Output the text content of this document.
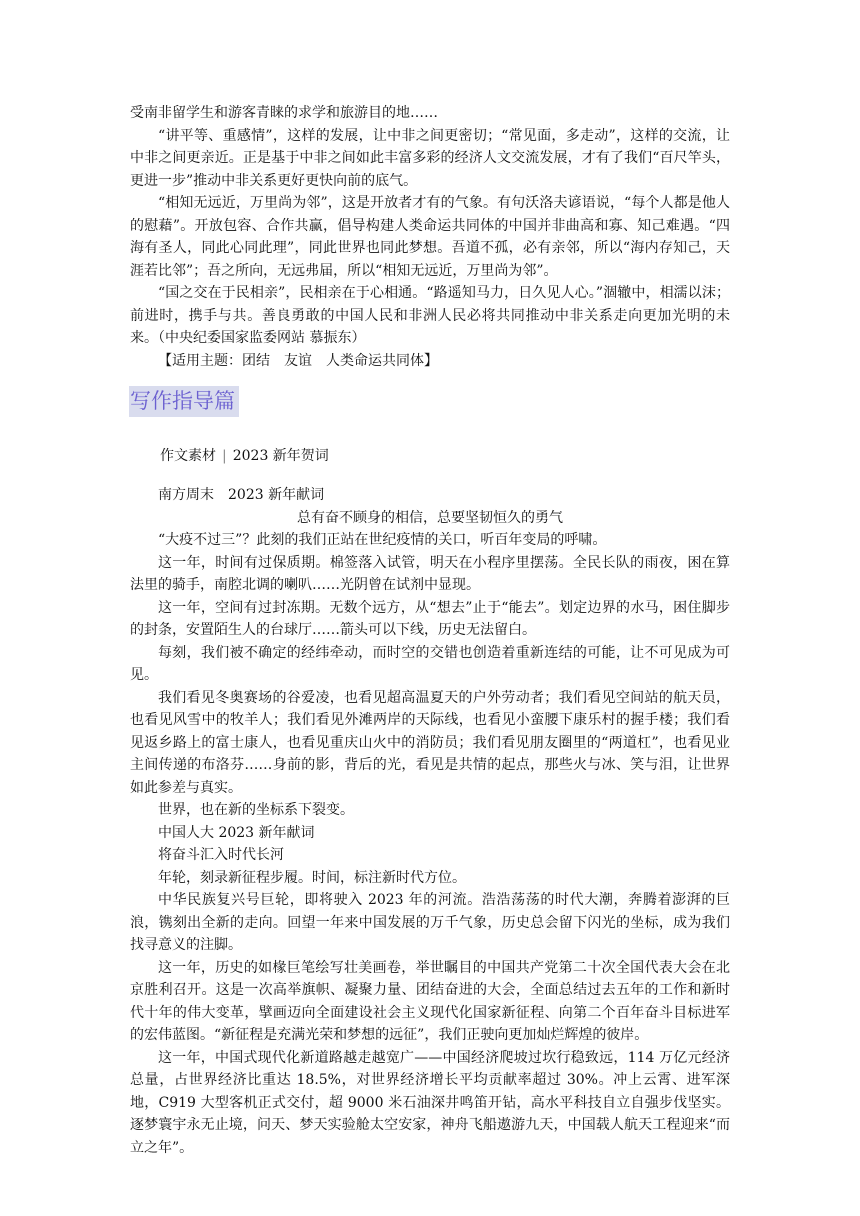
受南非留学生和游客青睐的求学和旅游目的地……

“讲平等、重感情”，这样的发展，让中非之间更密切；“常见面，多走动”，这样的交流，让中非之间更亲近。正是基于中非之间如此丰富多彩的经济人文交流发展，才有了我们“百尺竿头，更进一步”推动中非关系更好更快向前的底气。

“相知无远近，万里尚为邻”，这是开放者才有的气象。有句沃洛夫谚语说，“每个人都是他人的慰藉”。开放包容、合作共赢，倡导构建人类命运共同体的中国并非曲高和寡、知己难遇。“四海有圣人，同此心同此理”，同此世界也同此梦想。吾道不孤，必有亲邻，所以“海内存知己，天涯若比邻”；吾之所向，无远弗届，所以“相知无远近，万里尚为邻”。

“国之交在于民相亲”，民相亲在于心相通。“路遥知马力，日久见人心。”涸辙中，相濡以沫；前进时，携手与共。善良勇敢的中国人民和非洲人民必将共同推动中非关系走向更加光明的未来。（中央纪委国家监委网站 慕振东）

【适用主题：团结　友谊　人类命运共同体】

写作指导篇
作文素材 | 2023 新年贺词

南方周末　2023 新年献词

总有奋不顾身的相信，总要坚韧恒久的勇气

“大疫不过三”？此刻的我们正站在世纪疫情的关口，听百年变局的呼啸。

这一年，时间有过保质期。棉签落入试管，明天在小程序里摆荡。全民长队的雨夜，困在算法里的骑手，南腔北调的喇叭……光阴曾在试剂中显现。

这一年，空间有过封冻期。无数个远方，从“想去”止于“能去”。划定边界的水马，困住脚步的封条，安置陌生人的台球厅……箭头可以下线，历史无法留白。

每刻，我们被不确定的经纬牵动，而时空的交错也创造着重新连结的可能，让不可见成为可见。

我们看见冬奥赛场的谷爱凌，也看见超高温夏天的户外劳动者；我们看见空间站的航天员，也看见风雪中的牧羊人；我们看见外滩两岸的天际线，也看见小蛮腰下康乐村的握手楼；我们看见返乡路上的富士康人，也看见重庆山火中的消防员；我们看见朋友圈里的“两道杠”，也看见业主间传递的布洛芬……身前的影，背后的光，看见是共情的起点，那些火与冰、笑与泪，让世界如此参差与真实。

世界，也在新的坐标系下裂变。

中国人大 2023 新年献词

将奋斗汇入时代长河

年轮，刻录新征程步履。时间，标注新时代方位。

中华民族复兴号巨轮，即将驶入 2023 年的河流。浩浩荡荡的时代大潮，奔腾着澎湃的巨浪，镌刻出全新的走向。回望一年来中国发展的万千气象，历史总会留下闪光的坐标，成为我们找寻意义的注脚。

这一年，历史的如椽巨笔绘写壮美画卷，举世瞩目的中国共产党第二十次全国代表大会在北京胜利召开。这是一次高举旗帜、凝聚力量、团结奋进的大会，全面总结过去五年的工作和新时代十年的伟大变革，擘画迈向全面建设社会主义现代化国家新征程、向第二个百年奋斗目标进军的宏伟蓝图。“新征程是充满光荣和梦想的远征”，我们正驶向更加灿烂辉煌的彼岸。

这一年，中国式现代化新道路越走越宽广——中国经济爬坡过坎行稳致远，114 万亿元经济总量，占世界经济比重达 18.5%，对世界经济增长平均贡献率超过 30%。冲上云霄、进军深地，C919 大型客机正式交付，超 9000 米石油深井鸣笛开钻，高水平科技自立自强步伐坚实。逐梦寰宇永无止境，问天、梦天实验舱太空安家，神舟飞船遨游九天，中国载人航天工程迎来“而立之年”。
